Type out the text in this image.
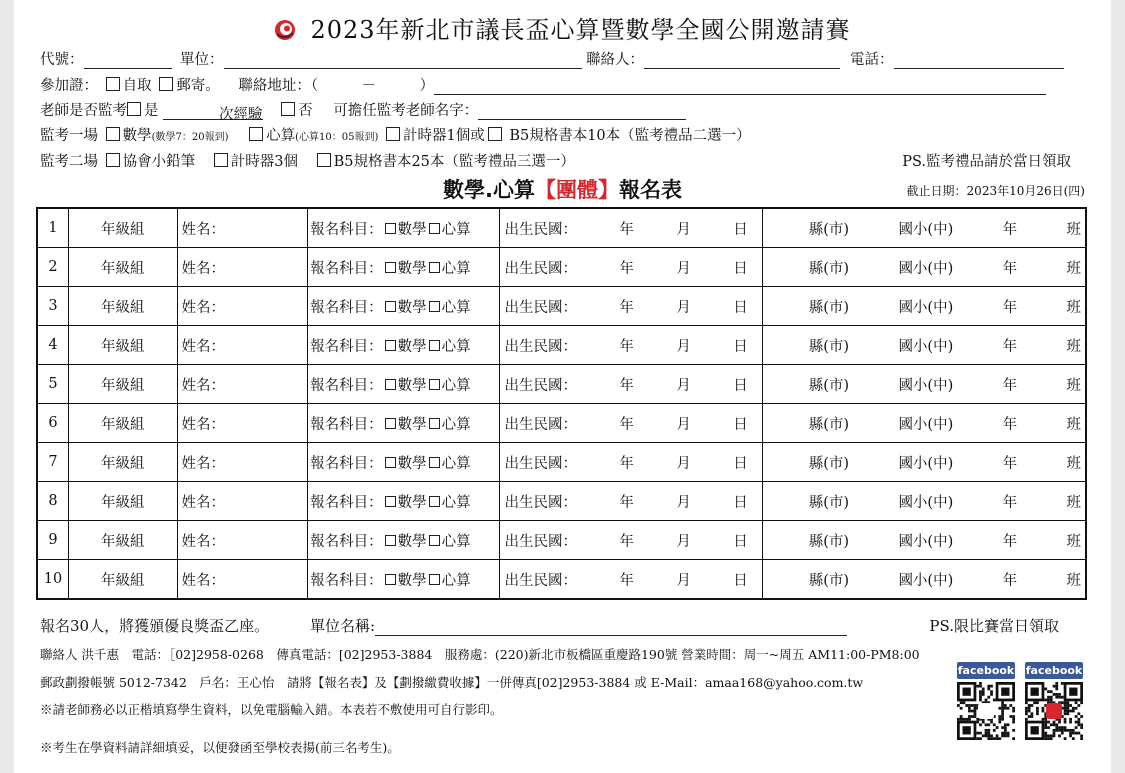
2023年新北市議長盃心算暨數學全國公開邀請賽
代號：	單位：	聯絡人：	電話：
參加證： 自取 郵寄。 聯絡地址：（　　　－　　　）
老師是否監考 是	次經驗 否 可擔任監考老師名字：
監考一場 數學(數學7：20報到)	心算(心算10：05報到) 計時器1個或 B5規格書本10本（監考禮品二選一）
監考二場 協會小鉛筆 計時器3個 B5規格書本25本（監考禮品三選一）	PS.監考禮品請於當日領取
數學.心算【團體】報名表	截止日期：2023年10月26日(四)
1	年級組	姓名：	報名科目： 數學 心算	出生民國： 年 月 日	縣(市) 國小(中) 年 班

2	年級組	姓名：	報名科目： 數學 心算	出生民國： 年 月 日	縣(市) 國小(中) 年 班

3	年級組	姓名：	報名科目： 數學 心算	出生民國： 年 月 日	縣(市) 國小(中) 年 班

4	年級組	姓名：	報名科目： 數學 心算	出生民國： 年 月 日	縣(市) 國小(中) 年 班

5	年級組	姓名：	報名科目： 數學 心算	出生民國： 年 月 日	縣(市) 國小(中) 年 班

6	年級組	姓名：	報名科目： 數學 心算	出生民國： 年 月 日	縣(市) 國小(中) 年 班

7	年級組	姓名：	報名科目： 數學 心算	出生民國： 年 月 日	縣(市) 國小(中) 年 班

8	年級組	姓名：	報名科目： 數學 心算	出生民國： 年 月 日	縣(市) 國小(中) 年 班

9	年級組	姓名：	報名科目： 數學 心算	出生民國： 年 月 日	縣(市) 國小(中) 年 班

10	年級組	姓名：	報名科目： 數學 心算	出生民國： 年 月 日	縣(市) 國小(中) 年 班
報名30人，將獲頒優良獎盃乙座。	單位名稱:	PS.限比賽當日領取
聯絡人 洪千惠　電話：［02]2958-0268　傳真電話：[02]2953-3884　服務處：(220)新北市板橋區重慶路190號 營業時間：周一~周五 AM11:00-PM8:00
郵政劃撥帳號 5012-7342　戶名：王心怡　請將【報名表】及【劃撥繳費收據】一併傳真[02]2953-3884 或 E-Mail：amaa168@yahoo.com.tw
※請老師務必以正楷填寫學生資料，以免電腦輸入錯。本表若不敷使用可自行影印。
※考生在學資料請詳細填妥，以便發函至學校表揚(前三名考生)。
facebook facebook
